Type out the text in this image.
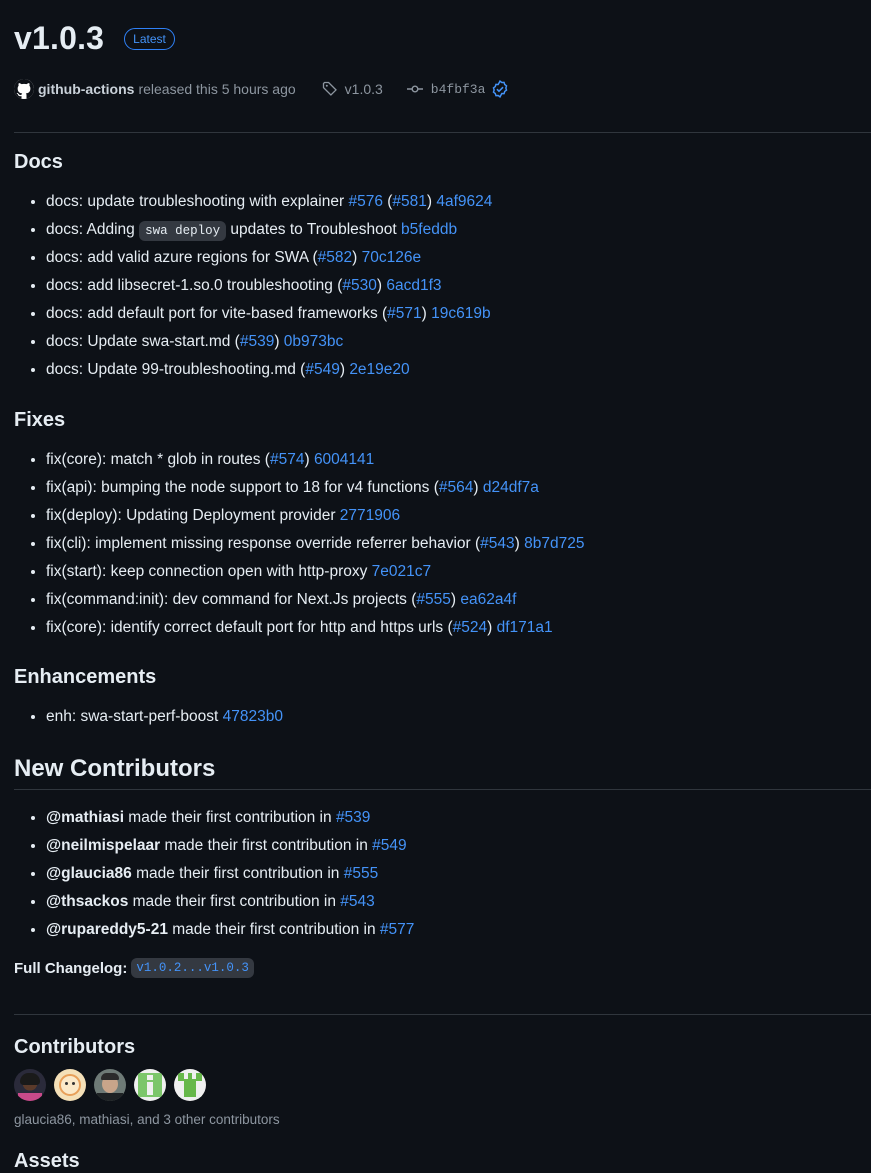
v1.0.3	Latest
github-actions released this 5 hours ago	v1.0.3	b4fbf3a
Docs
• docs: update troubleshooting with explainer #576 (#581) 4af9624
• docs: Adding swa deploy updates to Troubleshoot b5feddb
• docs: add valid azure regions for SWA (#582) 70c126e
• docs: add libsecret-1.so.0 troubleshooting (#530) 6acd1f3
• docs: add default port for vite-based frameworks (#571) 19c619b
• docs: Update swa-start.md (#539) 0b973bc
• docs: Update 99-troubleshooting.md (#549) 2e19e20
Fixes
• fix(core): match * glob in routes (#574) 6004141
• fix(api): bumping the node support to 18 for v4 functions (#564) d24df7a
• fix(deploy): Updating Deployment provider 2771906
• fix(cli): implement missing response override referrer behavior (#543) 8b7d725
• fix(start): keep connection open with http-proxy 7e021c7
• fix(command:init): dev command for Next.Js projects (#555) ea62a4f
• fix(core): identify correct default port for http and https urls (#524) df171a1
Enhancements
• enh: swa-start-perf-boost 47823b0
New Contributors
• @mathiasi made their first contribution in #539
• @neilmispelaar made their first contribution in #549
• @glaucia86 made their first contribution in #555
• @thsackos made their first contribution in #543
• @rupareddy5-21 made their first contribution in #577
Full Changelog : v1.0.2...v1.0.3
Contributors
glaucia86, mathiasi, and 3 other contributors
Assets
